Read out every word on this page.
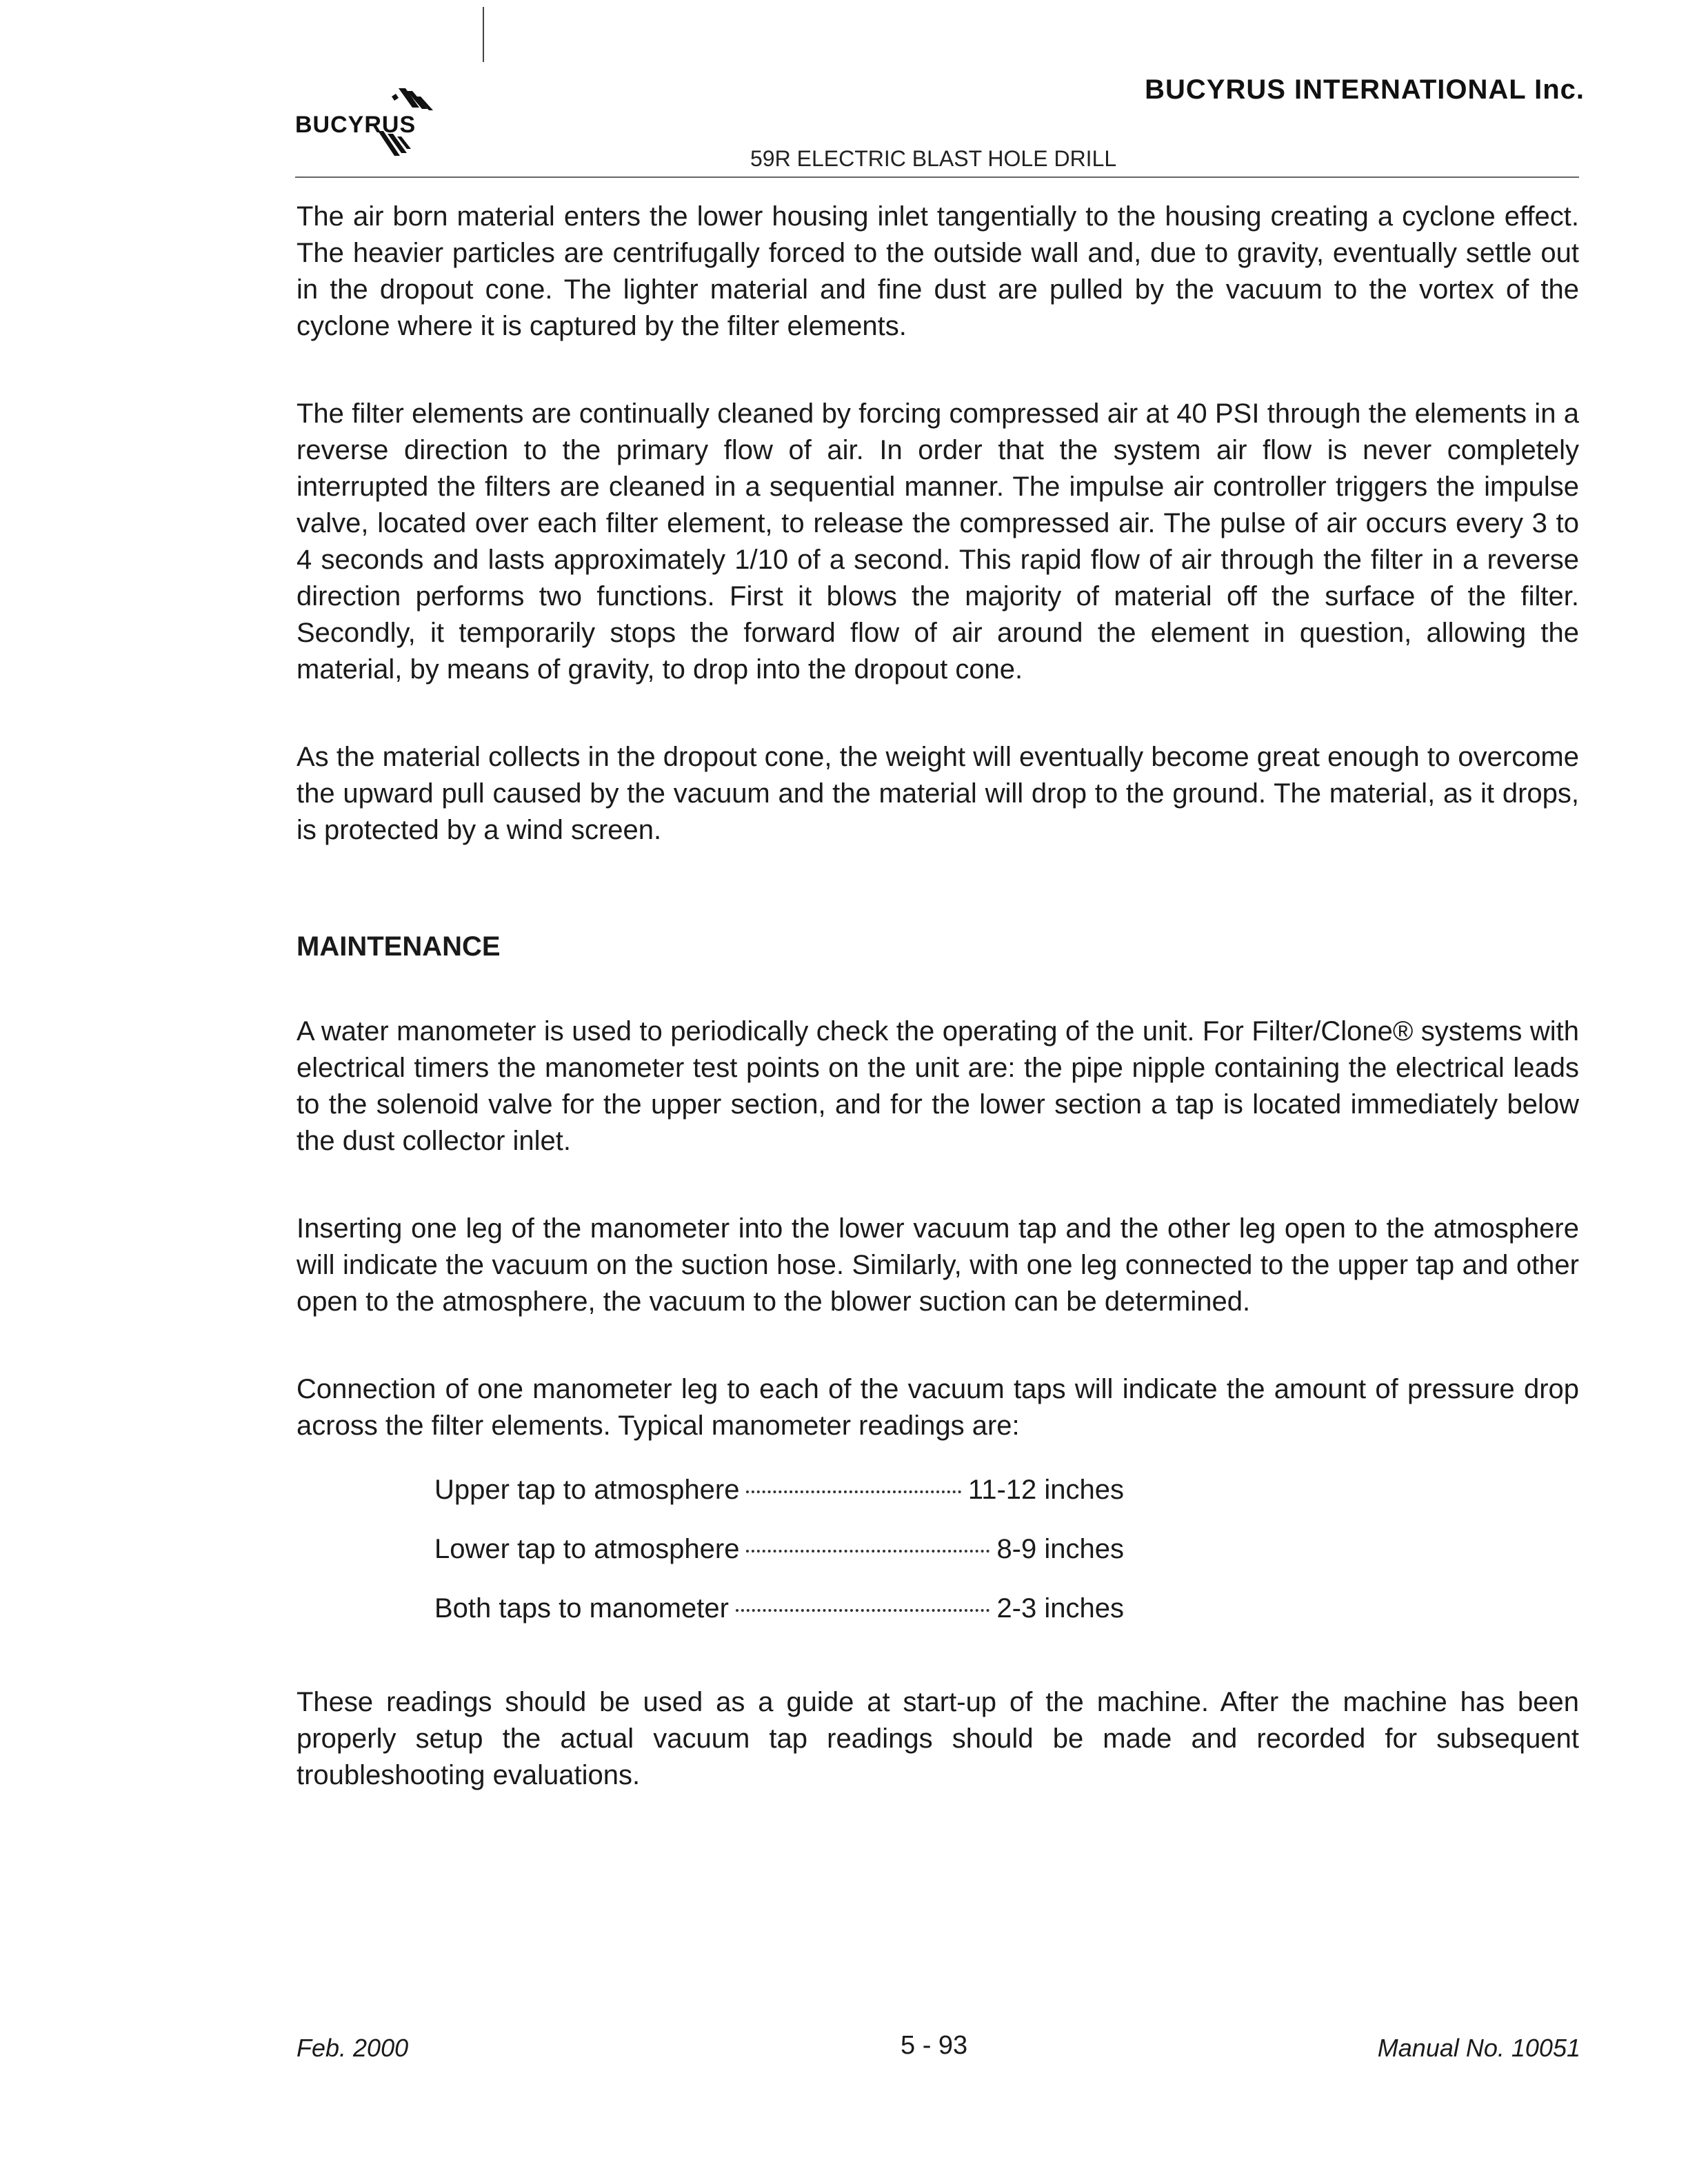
BUCYRUS
BUCYRUS INTERNATIONAL Inc.
59R ELECTRIC BLAST HOLE DRILL

The air born material enters the lower housing inlet tangentially to the housing creating a cyclone effect. The heavier particles are centrifugally forced to the outside wall and, due to gravity, eventually settle out in the dropout cone. The lighter material and fine dust are pulled by the vacuum to the vortex of the cyclone where it is captured by the filter elements.

The filter elements are continually cleaned by forcing compressed air at 40 PSI through the elements in a reverse direction to the primary flow of air. In order that the system air flow is never completely interrupted the filters are cleaned in a sequential manner. The impulse air controller triggers the impulse valve, located over each filter element, to release the compressed air. The pulse of air occurs every 3 to 4 seconds and lasts approximately 1/10 of a second. This rapid flow of air through the filter in a reverse direction performs two functions. First it blows the majority of material off the surface of the filter. Secondly, it temporarily stops the forward flow of air around the element in question, allowing the material, by means of gravity, to drop into the dropout cone.

As the material collects in the dropout cone, the weight will eventually become great enough to overcome the upward pull caused by the vacuum and the material will drop to the ground. The material, as it drops, is protected by a wind screen.

MAINTENANCE

A water manometer is used to periodically check the operating of the unit. For Filter/Clone® systems with electrical timers the manometer test points on the unit are: the pipe nipple containing the electrical leads to the solenoid valve for the upper section, and for the lower section a tap is located immediately below the dust collector inlet.

Inserting one leg of the manometer into the lower vacuum tap and the other leg open to the atmosphere will indicate the vacuum on the suction hose. Similarly, with one leg connected to the upper tap and other open to the atmosphere, the vacuum to the blower suction can be determined.

Connection of one manometer leg to each of the vacuum taps will indicate the amount of pressure drop across the filter elements. Typical manometer readings are:

Upper tap to atmosphere	11-12 inches
Lower tap to atmosphere	8-9 inches
Both taps to manometer	2-3 inches

These readings should be used as a guide at start-up of the machine. After the machine has been properly setup the actual vacuum tap readings should be made and recorded for subsequent troubleshooting evaluations.

Feb. 2000	5 - 93	Manual No. 10051
